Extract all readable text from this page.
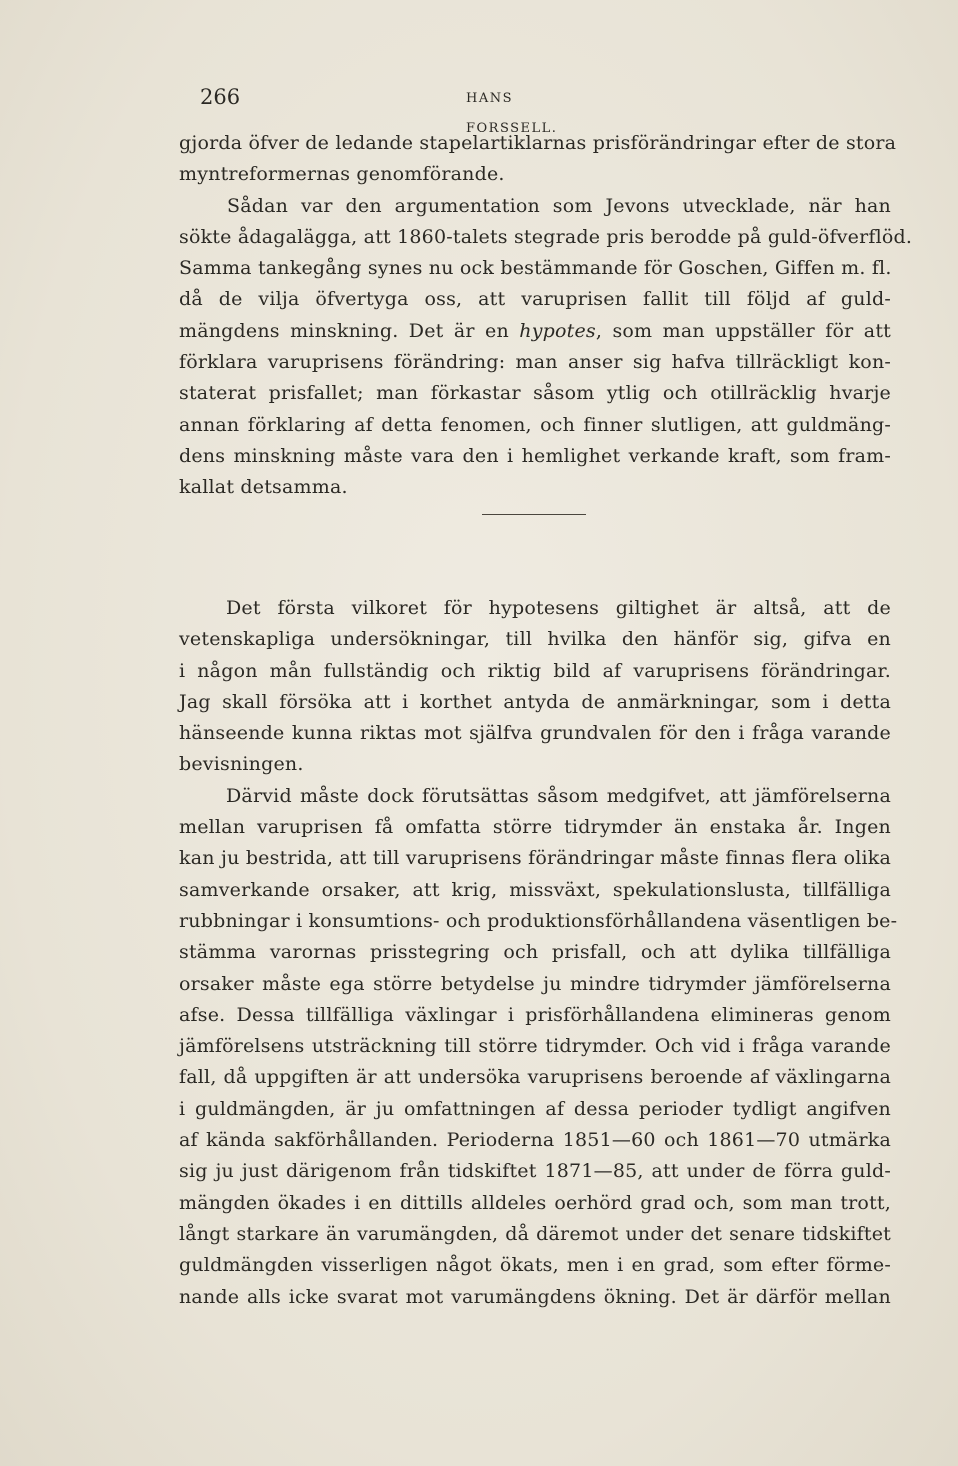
266	HANS FORSSELL.
gjorda öfver de ledande stapelartiklarnas prisförändringar efter de stora
myntreformernas genomförande.
Sådan var den argumentation som Jevons utvecklade, när han
sökte ådagalägga, att 1860-talets stegrade pris berodde på guld-öfverflöd.
Samma tankegång synes nu ock bestämmande för Goschen, Giffen m. fl.
då de vilja öfvertyga oss, att varuprisen fallit till följd af guld-
mängdens minskning. Det är en hypotes, som man uppställer för att
förklara varuprisens förändring: man anser sig hafva tillräckligt kon-
staterat prisfallet; man förkastar såsom ytlig och otillräcklig hvarje
annan förklaring af detta fenomen, och finner slutligen, att guldmäng-
dens minskning måste vara den i hemlighet verkande kraft, som fram-
kallat detsamma.
Det första vilkoret för hypotesens giltighet är altså, att de
vetenskapliga undersökningar, till hvilka den hänför sig, gifva en
i någon mån fullständig och riktig bild af varuprisens förändringar.
Jag skall försöka att i korthet antyda de anmärkningar, som i detta
hänseende kunna riktas mot själfva grundvalen för den i fråga varande
bevisningen.
Därvid måste dock förutsättas såsom medgifvet, att jämförelserna
mellan varuprisen få omfatta större tidrymder än enstaka år. Ingen
kan ju bestrida, att till varuprisens förändringar måste finnas flera olika
samverkande orsaker, att krig, missväxt, spekulationslusta, tillfälliga
rubbningar i konsumtions- och produktionsförhållandena väsentligen be-
stämma varornas prisstegring och prisfall, och att dylika tillfälliga
orsaker måste ega större betydelse ju mindre tidrymder jämförelserna
afse. Dessa tillfälliga växlingar i prisförhållandena elimineras genom
jämförelsens utsträckning till större tidrymder. Och vid i fråga varande
fall, då uppgiften är att undersöka varuprisens beroende af växlingarna
i guldmängden, är ju omfattningen af dessa perioder tydligt angifven
af kända sakförhållanden. Perioderna 1851—60 och 1861—70 utmärka
sig ju just därigenom från tidskiftet 1871—85, att under de förra guld-
mängden ökades i en dittills alldeles oerhörd grad och, som man trott,
långt starkare än varumängden, då däremot under det senare tidskiftet
guldmängden visserligen något ökats, men i en grad, som efter förme-
nande alls icke svarat mot varumängdens ökning. Det är därför mellan
